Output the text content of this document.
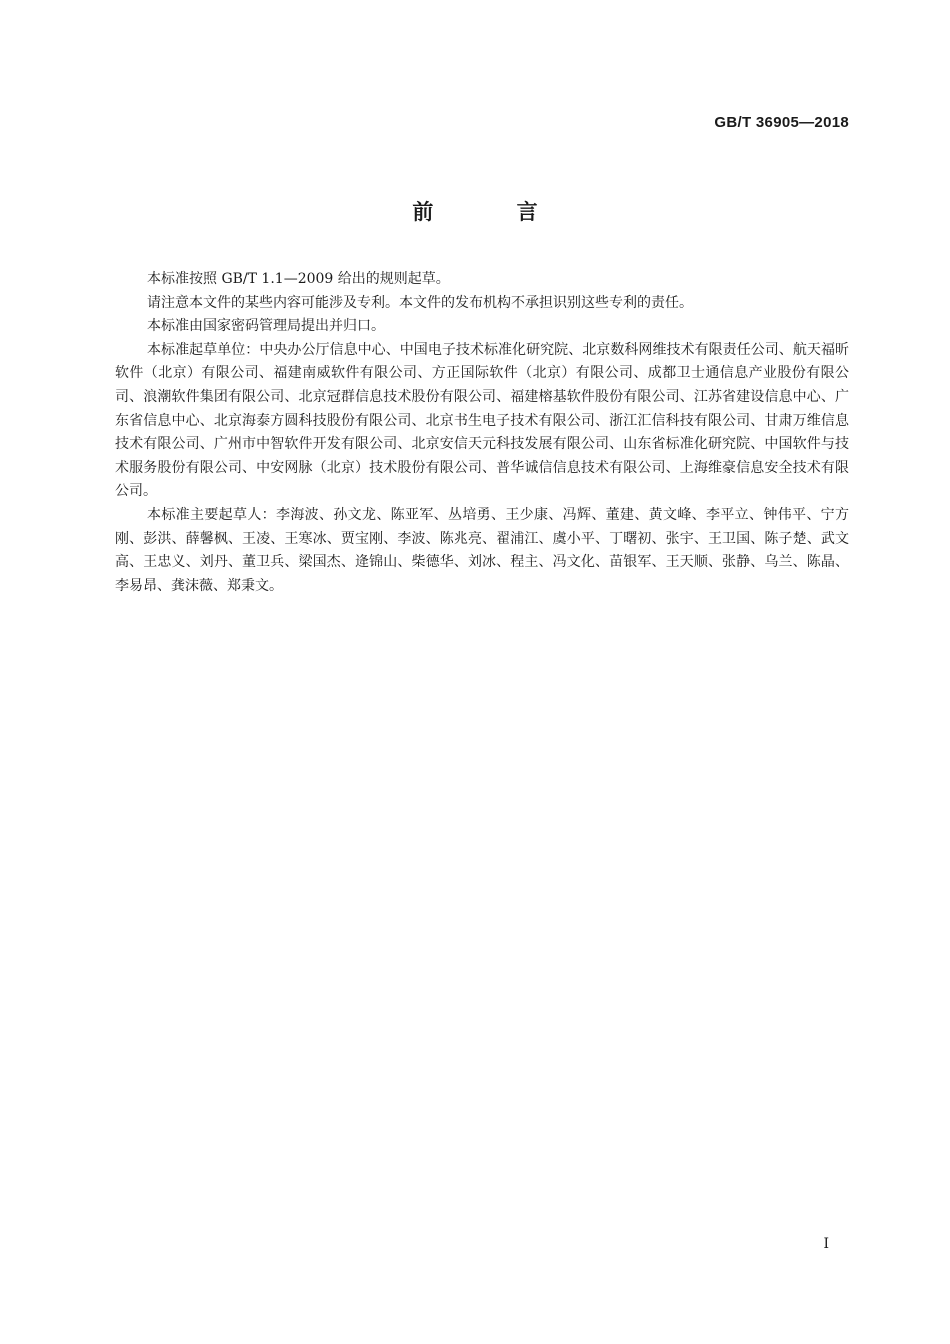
GB/T 36905—2018
前 言

本标准按照 GB/T 1.1—2009 给出的规则起草。

请注意本文件的某些内容可能涉及专利。本文件的发布机构不承担识别这些专利的责任。

本标准由国家密码管理局提出并归口。

本标准起草单位：中央办公厅信息中心、中国电子技术标准化研究院、北京数科网维技术有限责任公司、航天福昕软件（北京）有限公司、福建南威软件有限公司、方正国际软件（北京）有限公司、成都卫士通信息产业股份有限公司、浪潮软件集团有限公司、北京冠群信息技术股份有限公司、福建榕基软件股份有限公司、江苏省建设信息中心、广东省信息中心、北京海泰方圆科技股份有限公司、北京书生电子技术有限公司、浙江汇信科技有限公司、甘肃万维信息技术有限公司、广州市中智软件开发有限公司、北京安信天元科技发展有限公司、山东省标准化研究院、中国软件与技术服务股份有限公司、中安网脉（北京）技术股份有限公司、普华诚信信息技术有限公司、上海维豪信息安全技术有限公司。

本标准主要起草人：李海波、孙文龙、陈亚军、丛培勇、王少康、冯辉、董建、黄文峰、李平立、钟伟平、宁方刚、彭洪、薛馨枫、王凌、王寒冰、贾宝刚、李波、陈兆亮、翟浦江、虞小平、丁曙初、张宇、王卫国、陈子楚、武文高、王忠义、刘丹、董卫兵、梁国杰、逄锦山、柴德华、刘冰、程主、冯文化、苗银军、王天顺、张静、乌兰、陈晶、李易昂、龚沫薇、郑秉文。

I
